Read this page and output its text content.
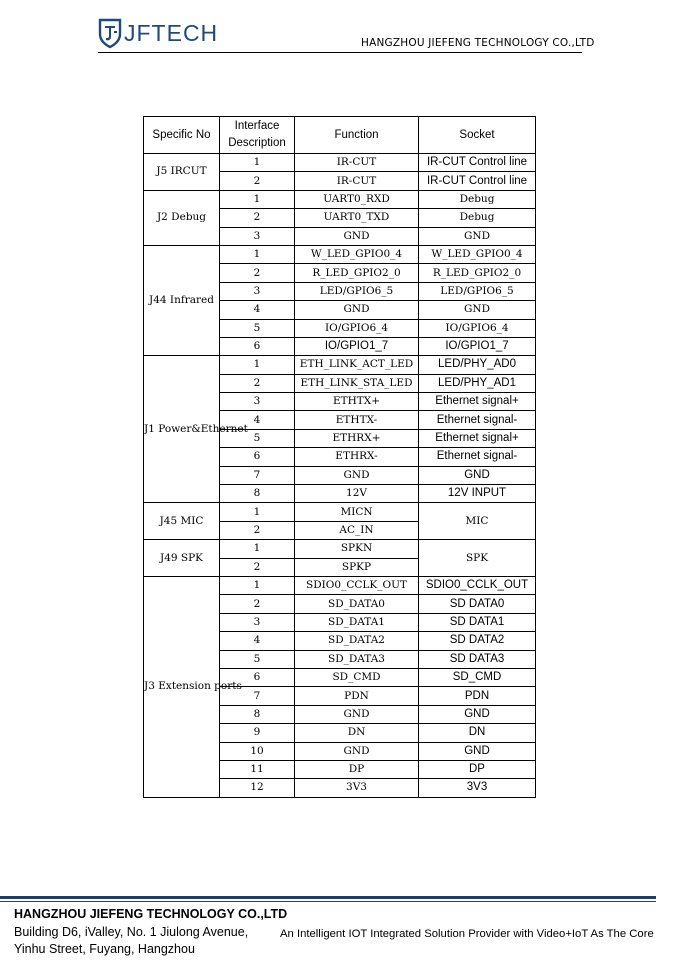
JFTECH	HANGZHOU JIEFENG TECHNOLOGY CO.,LTD
Specific No	Interface Description	Function	Socket
J5 IRCUT	1	IR-CUT	IR-CUT Control line
	2	IR-CUT	IR-CUT Control line
J2 Debug	1	UART0_RXD	Debug
	2	UART0_TXD	Debug
	3	GND	GND
J44 Infrared	1	W_LED_GPIO0_4	W_LED_GPIO0_4
	2	R_LED_GPIO2_0	R_LED_GPIO2_0
	3	LED/GPIO6_5	LED/GPIO6_5
	4	GND	GND
	5	IO/GPIO6_4	IO/GPIO6_4
	6	IO/GPIO1_7	IO/GPIO1_7
J1 Power&Ethernet	1	ETH_LINK_ACT_LED	LED/PHY_AD0
	2	ETH_LINK_STA_LED	LED/PHY_AD1
	3	ETHTX+	Ethernet signal+
	4	ETHTX-	Ethernet signal-
	5	ETHRX+	Ethernet signal+
	6	ETHRX-	Ethernet signal-
	7	GND	GND
	8	12V	12V INPUT
J45 MIC	1	MICN	MIC
	2	AC_IN	
J49 SPK	1	SPKN	SPK
	2	SPKP	
J3 Extension ports	1	SDIO0_CCLK_OUT	SDIO0_CCLK_OUT
	2	SD_DATA0	SD DATA0
	3	SD_DATA1	SD DATA1
	4	SD_DATA2	SD DATA2
	5	SD_DATA3	SD DATA3
	6	SD_CMD	SD_CMD
	7	PDN	PDN
	8	GND	GND
	9	DN	DN
	10	GND	GND
	11	DP	DP
	12	3V3	3V3
HANGZHOU JIEFENG TECHNOLOGY CO.,LTD
Building D6, iValley, No. 1 Jiulong Avenue,
Yinhu Street, Fuyang, Hangzhou
An Intelligent IOT Integrated Solution Provider with Video+IoT As The Core
